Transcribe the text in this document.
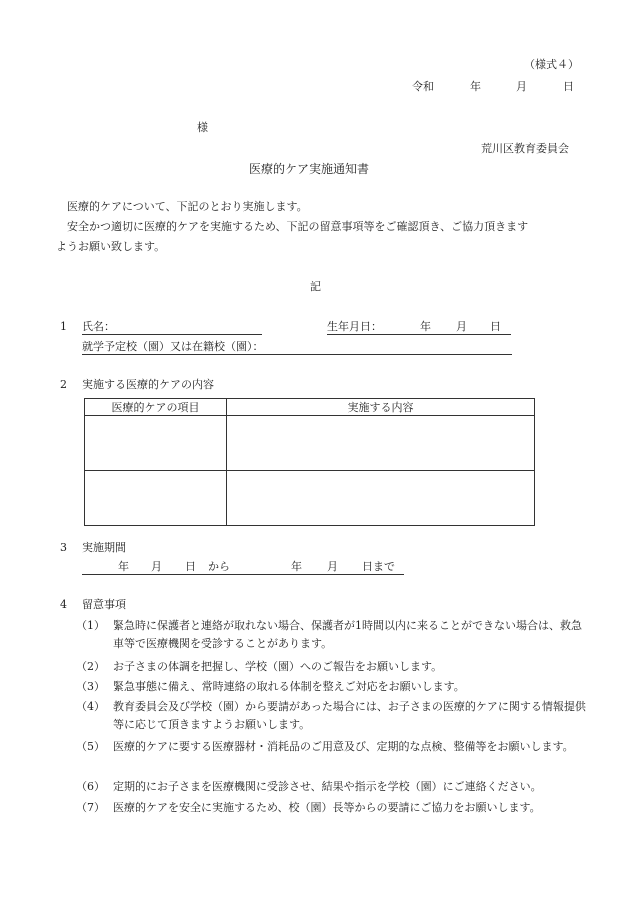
（様式４）
令和	年	月	日
様
荒川区教育委員会
医療的ケア実施通知書
医療的ケアについて、下記のとおり実施します。
安全かつ適切に医療的ケアを実施するため、下記の留意事項等をご確認頂き、ご協力頂きます
ようお願い致します。
記
1 氏名：	生年月日：	年 月 日
就学予定校（園）又は在籍校（園）：
2 実施する医療的ケアの内容
医療的ケアの項目	実施する内容

3 実施期間
年 月 日 から	年 月 日まで
4 留意事項
（1） 緊急時に保護者と連絡が取れない場合、保護者が1時間以内に来ることができない場合は、救急車等で医療機関を受診することがあります。
（2） お子さまの体調を把握し、学校（園）へのご報告をお願いします。
（3） 緊急事態に備え、常時連絡の取れる体制を整えご対応をお願いします。
（4） 教育委員会及び学校（園）から要請があった場合には、お子さまの医療的ケアに関する情報提供等に応じて頂きますようお願いします。
（5） 医療的ケアに要する医療器材・消耗品のご用意及び、定期的な点検、整備等をお願いします。
（6） 定期的にお子さまを医療機関に受診させ、結果や指示を学校（園）にご連絡ください。
（7） 医療的ケアを安全に実施するため、校（園）長等からの要請にご協力をお願いします。
